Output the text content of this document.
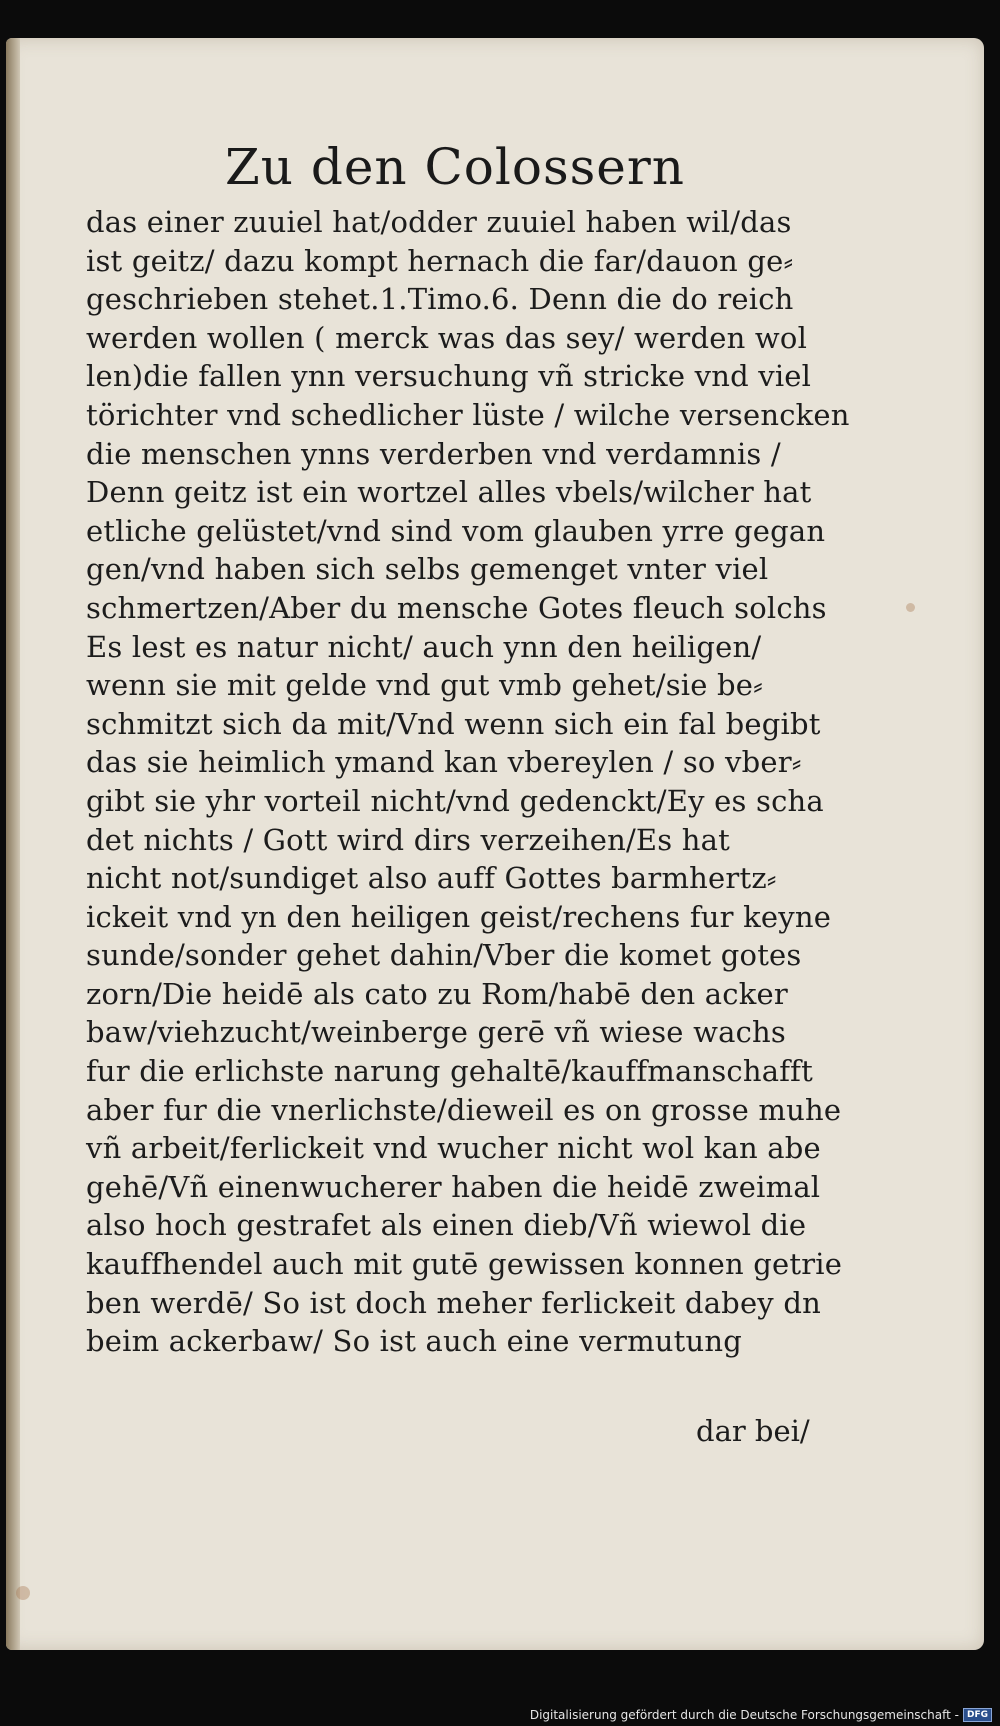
Zu den Colossern
das einer zuuiel hat/odder zuuiel haben wil/das
ist geitz/ dazu kompt hernach die far/dauon ge⸗
geschrieben stehet.1.Timo.6. Denn die do reich
werden wollen ( merck was das sey/ werden wol
len)die fallen ynn versuchung vñ stricke vnd viel
törichter vnd schedlicher lüste / wilche versencken
die menschen ynns verderben vnd verdamnis /
Denn geitz ist ein wortzel alles vbels/wilcher hat
etliche gelüstet/vnd sind vom glauben yrre gegan
gen/vnd haben sich selbs gemenget vnter viel
schmertzen/Aber du mensche Gotes fleuch solchs
Es lest es natur nicht/ auch ynn den heiligen/
wenn sie mit gelde vnd gut vmb gehet/sie be⸗
schmitzt sich da mit/Vnd wenn sich ein fal begibt
das sie heimlich ymand kan vbereylen / so vber⸗
gibt sie yhr vorteil nicht/vnd gedenckt/Ey es scha
det nichts / Gott wird dirs verzeihen/Es hat
nicht not/sundiget also auff Gottes barmhertz⸗
ickeit vnd yn den heiligen geist/rechens fur keyne
sunde/sonder gehet dahin/Vber die komet gotes
zorn/Die heidē als cato zu Rom/habē den acker
baw/viehzucht/weinberge gerē vñ wiese wachs
fur die erlichste narung gehaltē/kauffmanschafft
aber fur die vnerlichste/dieweil es on grosse muhe
vñ arbeit/ferlickeit vnd wucher nicht wol kan abe
gehē/Vñ einenwucherer haben die heidē zweimal
also hoch gestrafet als einen dieb/Vñ wiewol die
kauffhendel auch mit gutē gewissen konnen getrie
ben werdē/ So ist doch meher ferlickeit dabey dn
beim ackerbaw/ So ist auch eine vermutung
dar bei/
Digitalisierung gefördert durch die Deutsche Forschungsgemeinschaft - DFG
